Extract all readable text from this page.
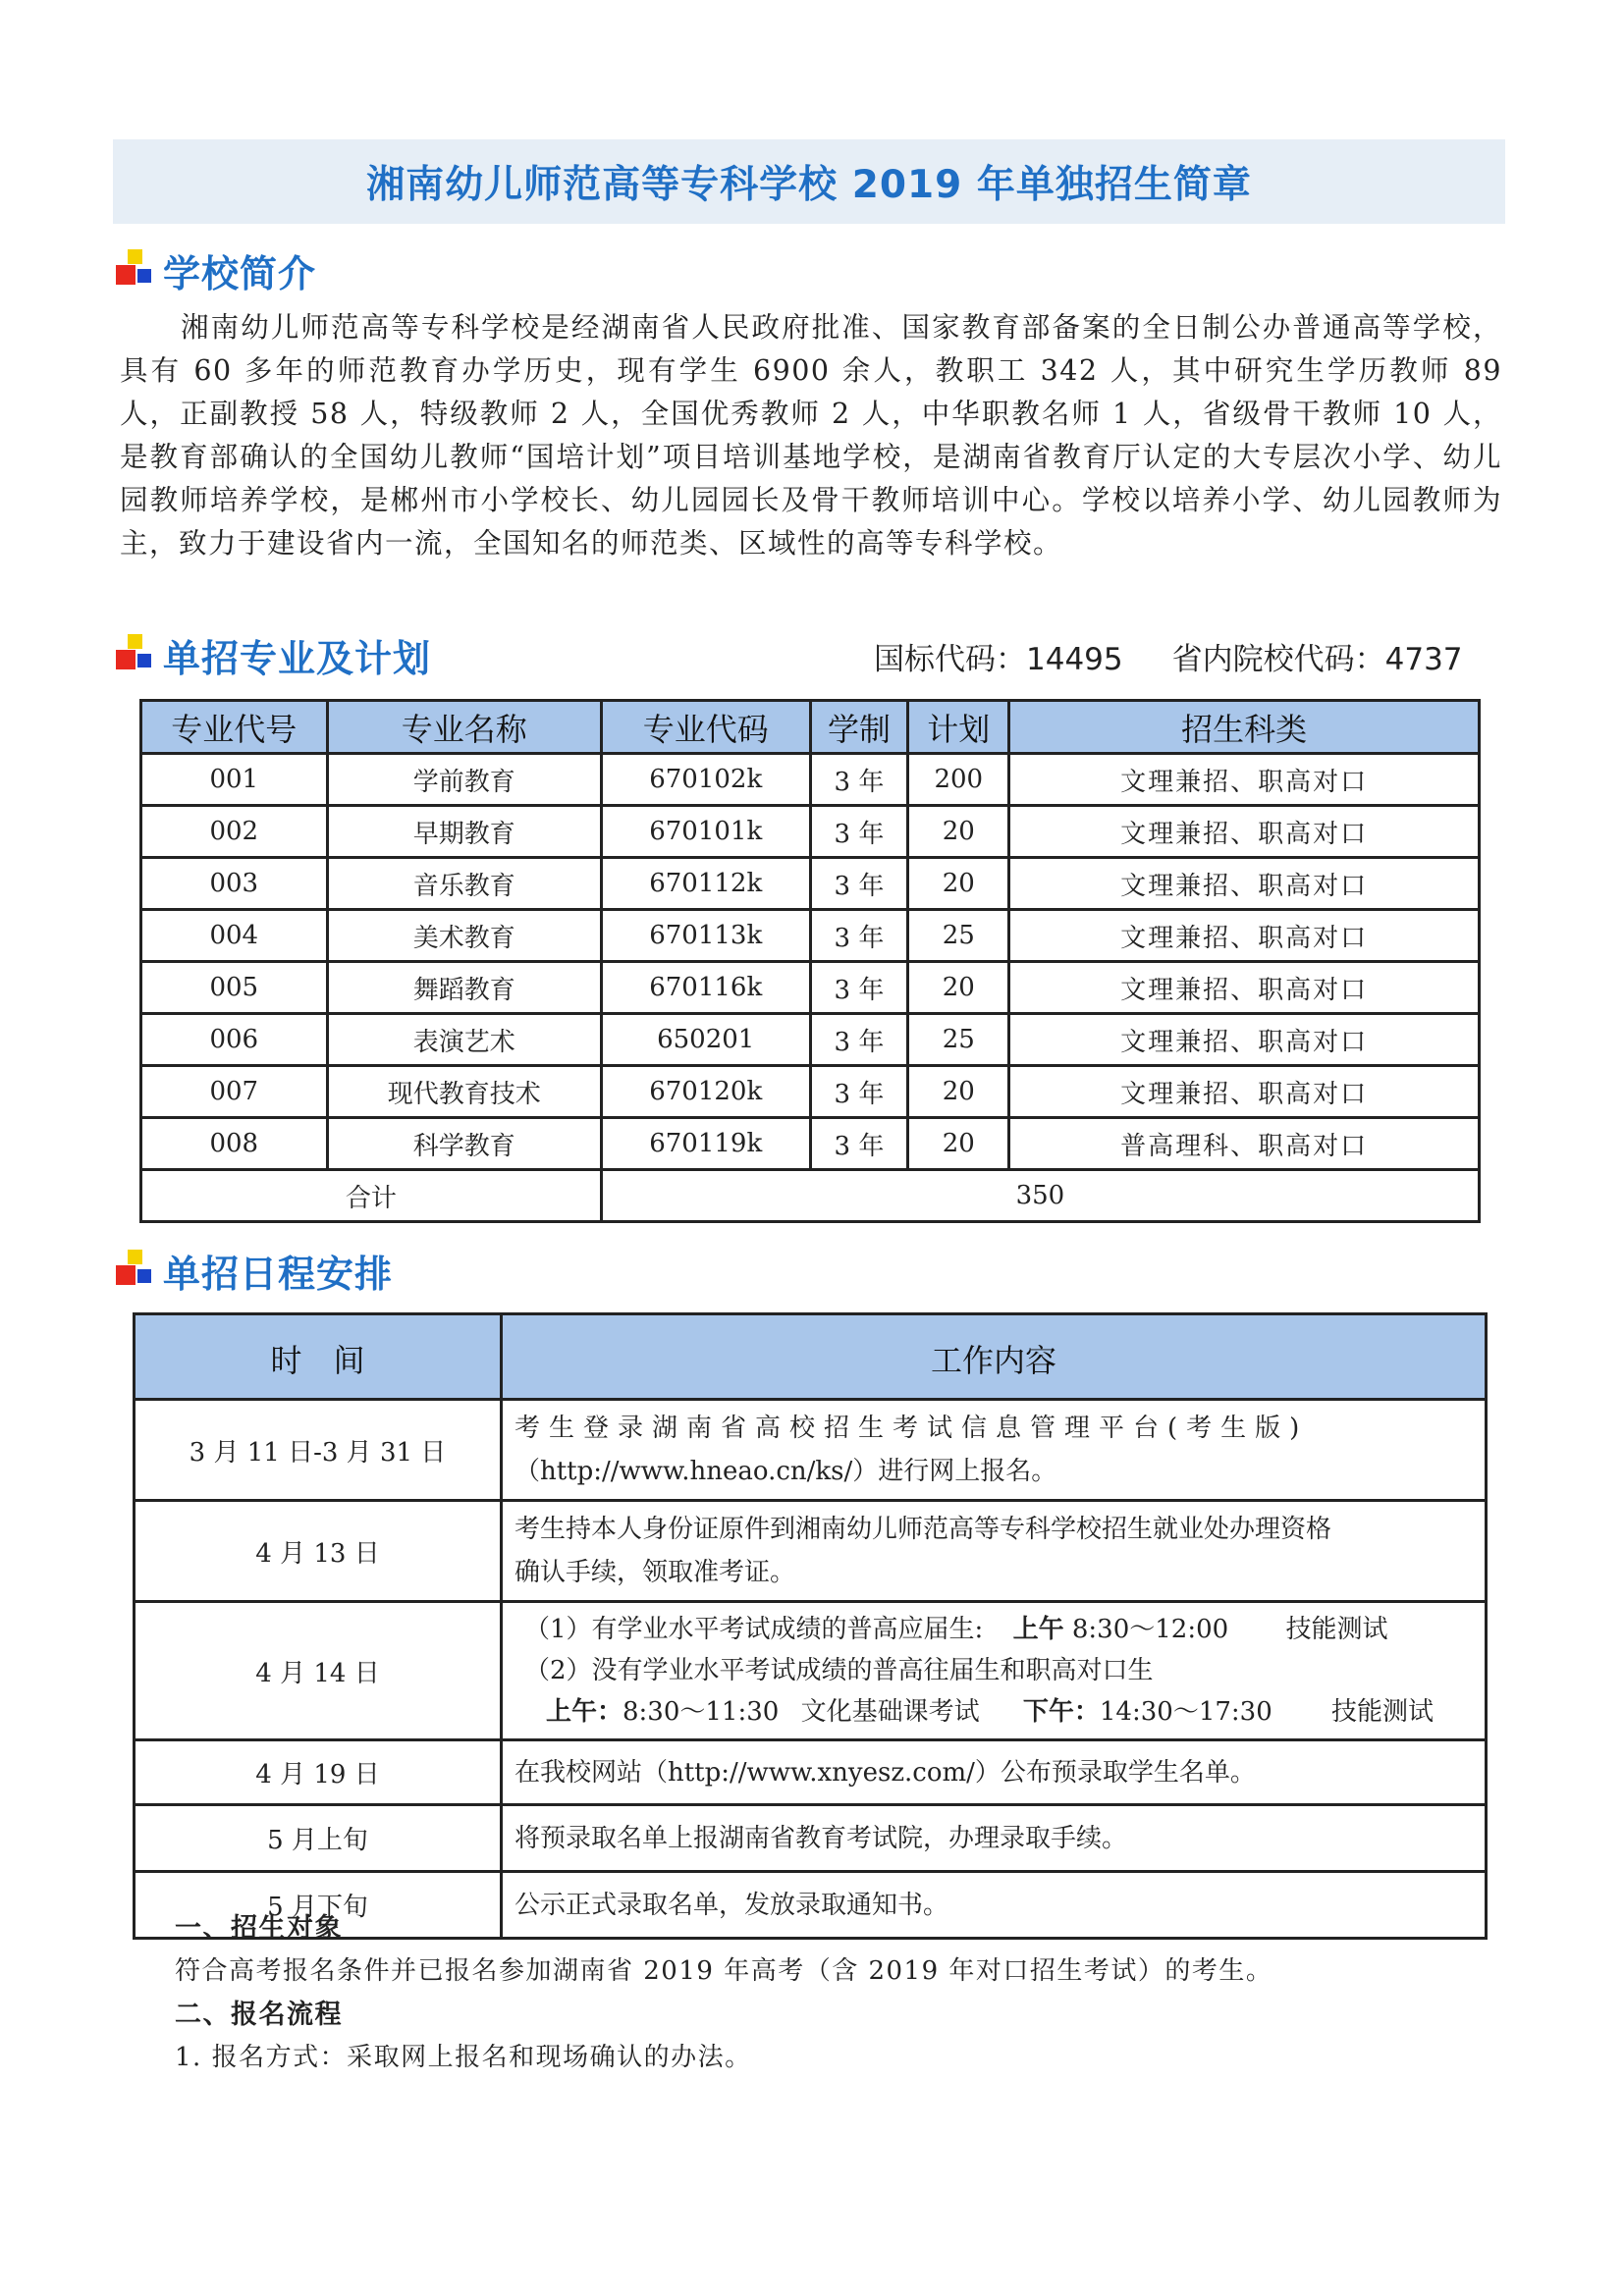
湘南幼儿师范高等专科学校 2019 年单独招生简章
学校简介
湘南幼儿师范高等专科学校是经湖南省人民政府批准、国家教育部备案的全日制公办普通高等学校，具有 60 多年的师范教育办学历史，现有学生 6900 余人，教职工 342 人，其中研究生学历教师 89 人，正副教授 58 人，特级教师 2 人，全国优秀教师 2 人，中华职教名师 1 人，省级骨干教师 10 人，是教育部确认的全国幼儿教师“国培计划”项目培训基地学校，是湖南省教育厅认定的大专层次小学、幼儿园教师培养学校，是郴州市小学校长、幼儿园园长及骨干教师培训中心。学校以培养小学、幼儿园教师为主，致力于建设省内一流，全国知名的师范类、区域性的高等专科学校。
单招专业及计划	国标代码：14495 省内院校代码：4737
专业代号	专业名称	专业代码	学制	计划	招生科类
001	学前教育	670102k	3 年	200	文理兼招、职高对口
002	早期教育	670101k	3 年	20	文理兼招、职高对口
003	音乐教育	670112k	3 年	20	文理兼招、职高对口
004	美术教育	670113k	3 年	25	文理兼招、职高对口
005	舞蹈教育	670116k	3 年	20	文理兼招、职高对口
006	表演艺术	650201	3 年	25	文理兼招、职高对口
007	现代教育技术	670120k	3 年	20	文理兼招、职高对口
008	科学教育	670119k	3 年	20	普高理科、职高对口
合计		350			
单招日程安排
时　间	工作内容
3 月 11 日-3 月 31 日	考生登录湖南省高校招生考试信息管理平台(考生版)
（http://www.hneao.cn/ks/）进行网上报名。

4 月 13 日	考生持本人身份证原件到湘南幼儿师范高等专科学校招生就业处办理资格
确认手续，领取准考证。

4 月 14 日	（1）有学业水平考试成绩的普高应届生: 上午 8:30～12:00 技能测试
（2）没有学业水平考试成绩的普高往届生和职高对口生
上午：8:30～11:30 文化基础课考试 下午：14:30～17:30 技能测试

4 月 19 日	在我校网站（http://www.xnyesz.com/）公布预录取学生名单。
5 月上旬	将预录取名单上报湖南省教育考试院，办理录取手续。
5 月下旬	公示正式录取名单，发放录取通知书。
一、招生对象
符合高考报名条件并已报名参加湖南省 2019 年高考（含 2019 年对口招生考试）的考生。
二、报名流程
1. 报名方式：采取网上报名和现场确认的办法。
